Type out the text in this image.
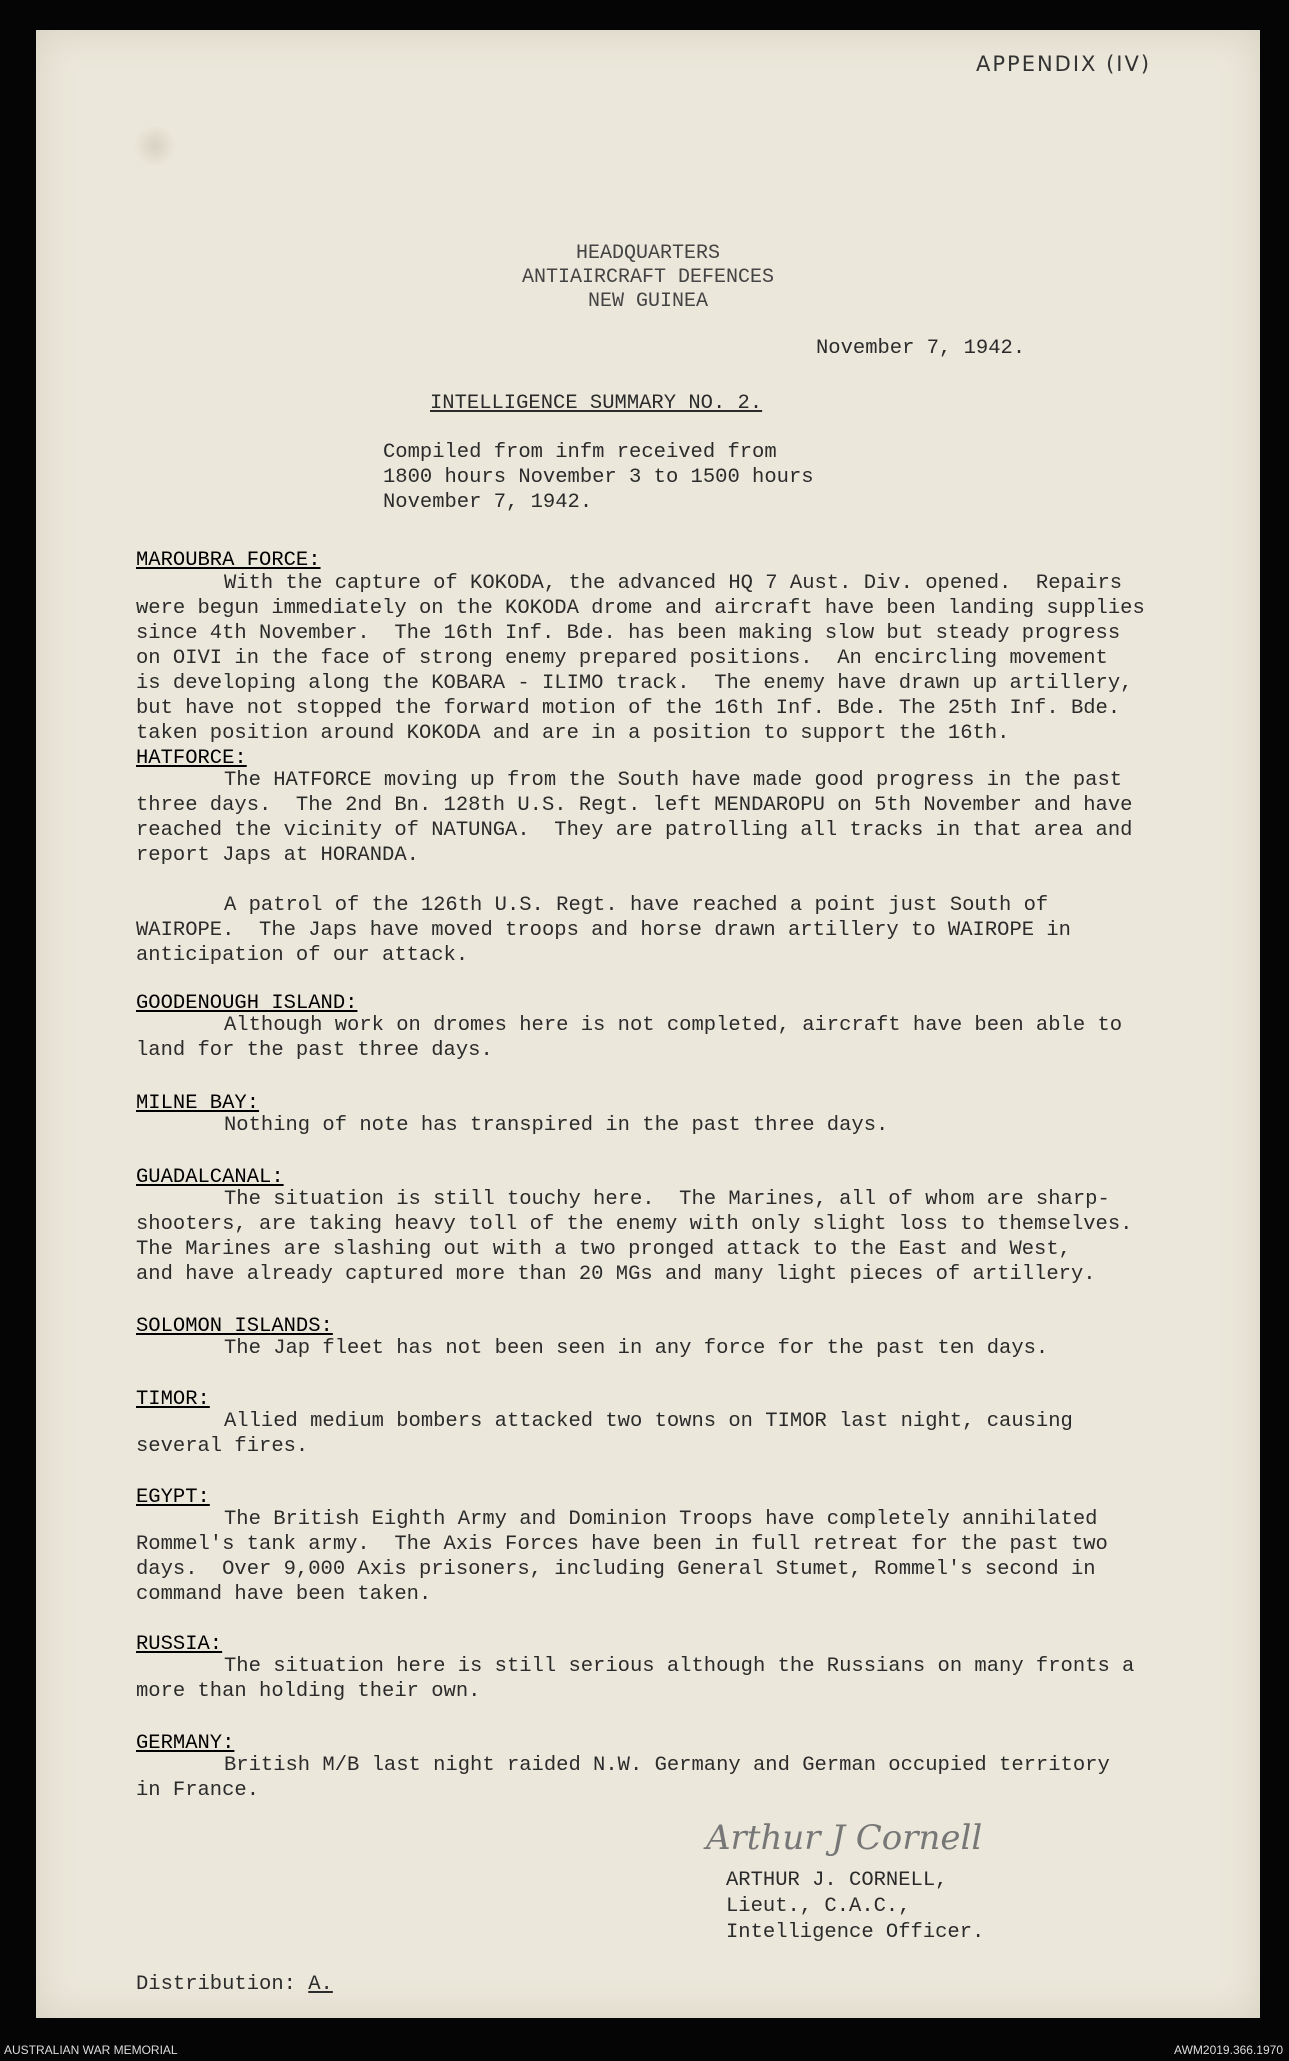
APPENDIX (IV)
HEADQUARTERS
ANTIAIRCRAFT DEFENCES
NEW GUINEA
November 7, 1942.
INTELLIGENCE SUMMARY NO. 2.
Compiled from infm received from
1800 hours November 3 to 1500 hours
November 7, 1942.
MAROUBRA FORCE:

With the capture of KOKODA, the advanced HQ 7 Aust. Div. opened.  Repairs

were begun immediately on the KOKODA drome and aircraft have been landing supplies

since 4th November.  The 16th Inf. Bde. has been making slow but steady progress

on OIVI in the face of strong enemy prepared positions.  An encircling movement

is developing along the KOBARA - ILIMO track.  The enemy have drawn up artillery,

but have not stopped the forward motion of the 16th Inf. Bde. The 25th Inf. Bde.

taken position around KOKODA and are in a position to support the 16th.

HATFORCE:

The HATFORCE moving up from the South have made good progress in the past

three days.  The 2nd Bn. 128th U.S. Regt. left MENDAROPU on 5th November and have

reached the vicinity of NATUNGA.  They are patrolling all tracks in that area and

report Japs at HORANDA.

A patrol of the 126th U.S. Regt. have reached a point just South of

WAIROPE.  The Japs have moved troops and horse drawn artillery to WAIROPE in

anticipation of our attack.

GOODENOUGH ISLAND:

Although work on dromes here is not completed, aircraft have been able to

land for the past three days.

MILNE BAY:

Nothing of note has transpired in the past three days.

GUADALCANAL:

The situation is still touchy here.  The Marines, all of whom are sharp-

shooters, are taking heavy toll of the enemy with only slight loss to themselves.

The Marines are slashing out with a two pronged attack to the East and West,

and have already captured more than 20 MGs and many light pieces of artillery.

SOLOMON ISLANDS:

The Jap fleet has not been seen in any force for the past ten days.

TIMOR:

Allied medium bombers attacked two towns on TIMOR last night, causing

several fires.

EGYPT:

The British Eighth Army and Dominion Troops have completely annihilated

Rommel's tank army.  The Axis Forces have been in full retreat for the past two

days.  Over 9,000 Axis prisoners, including General Stumet, Rommel's second in

command have been taken.

RUSSIA:

The situation here is still serious although the Russians on many fronts a

more than holding their own.

GERMANY:

British M/B last night raided N.W. Germany and German occupied territory

in France.

Arthur J Cornell
ARTHUR J. CORNELL,
Lieut., C.A.C.,
Intelligence Officer.
Distribution: A.
AUSTRALIAN WAR MEMORIAL	AWM2019.366.1970
